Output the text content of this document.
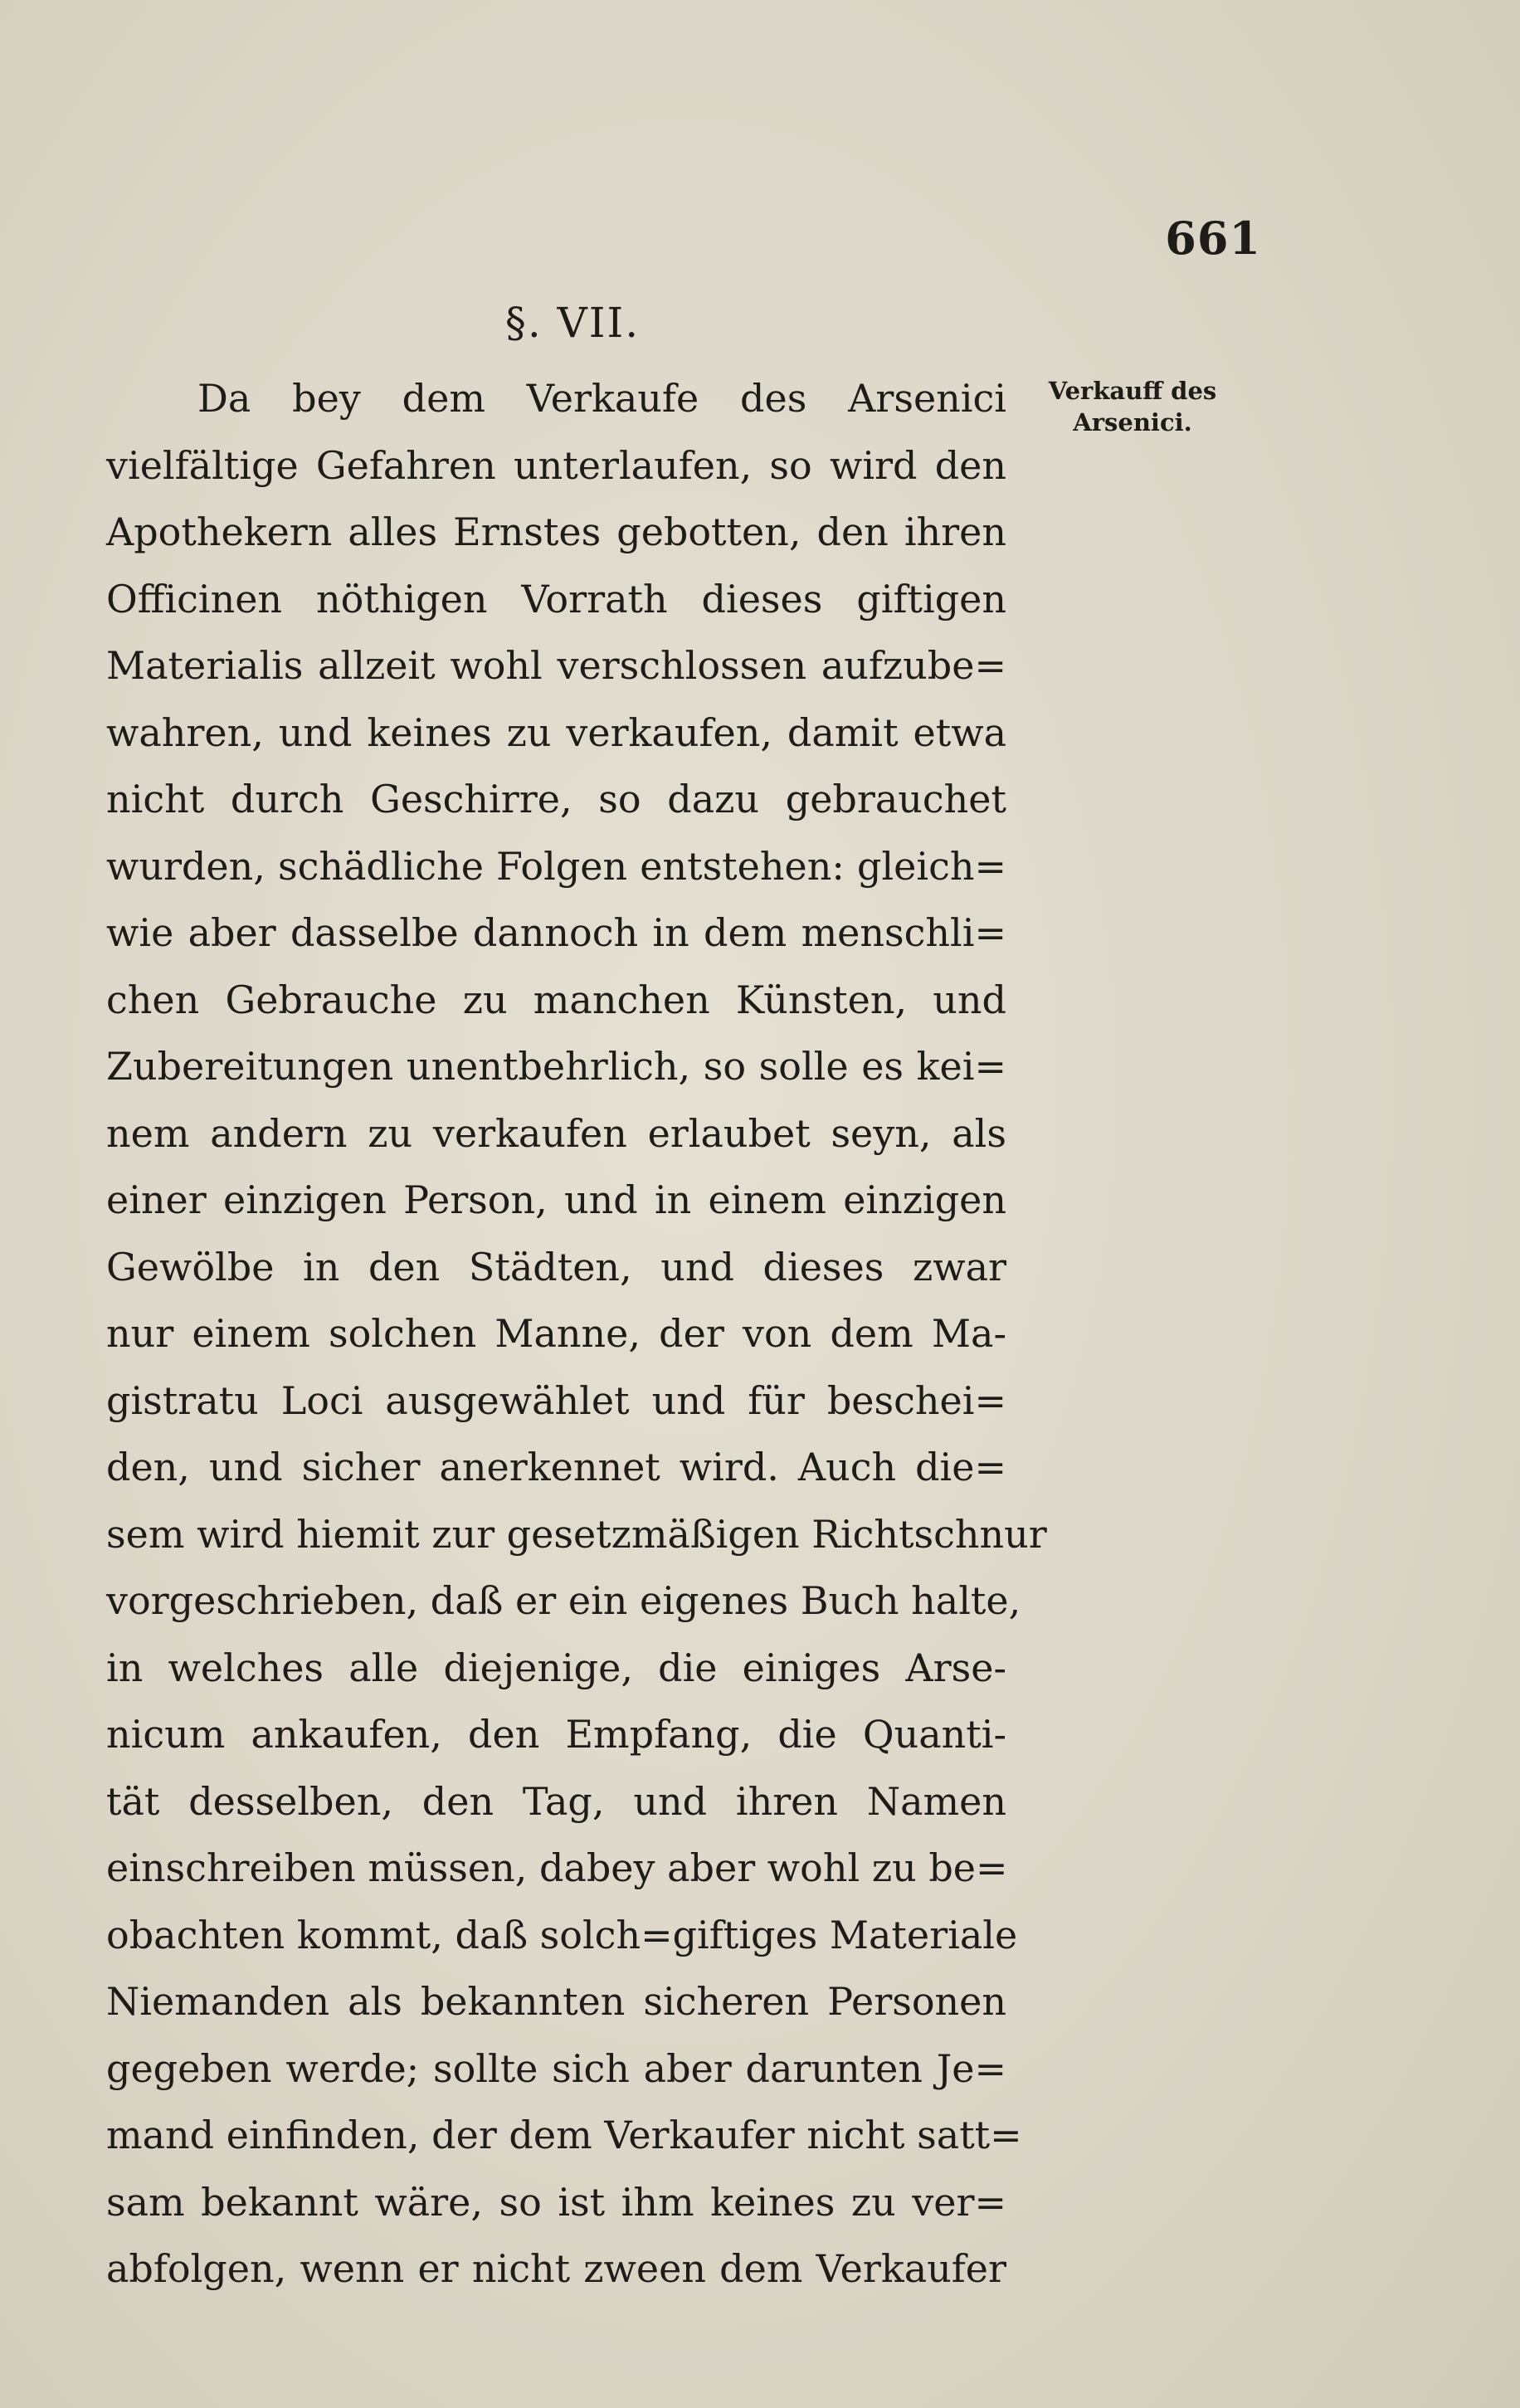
661
§. VII.
Verkauff des
Arsenici.
Da bey dem Verkaufe des Arsenici
vielfältige Gefahren unterlaufen, so wird den
Apothekern alles Ernstes gebotten, den ihren
Officinen nöthigen Vorrath dieses giftigen
Materialis allzeit wohl verschlossen aufzube=
wahren, und keines zu verkaufen, damit etwa
nicht durch Geschirre, so dazu gebrauchet
wurden, schädliche Folgen entstehen: gleich=
wie aber dasselbe dannoch in dem menschli=
chen Gebrauche zu manchen Künsten, und
Zubereitungen unentbehrlich, so solle es kei=
nem andern zu verkaufen erlaubet seyn, als
einer einzigen Person, und in einem einzigen
Gewölbe in den Städten, und dieses zwar
nur einem solchen Manne, der von dem Ma-
gistratu Loci ausgewählet und für beschei=
den, und sicher anerkennet wird. Auch die=
sem wird hiemit zur gesetzmäßigen Richtschnur
vorgeschrieben, daß er ein eigenes Buch halte,
in welches alle diejenige, die einiges Arse-
nicum ankaufen, den Empfang, die Quanti-
tät desselben, den Tag, und ihren Namen
einschreiben müssen, dabey aber wohl zu be=
obachten kommt, daß solch=giftiges Materiale
Niemanden als bekannten sicheren Personen
gegeben werde; sollte sich aber darunten Je=
mand einfinden, der dem Verkaufer nicht satt=
sam bekannt wäre, so ist ihm keines zu ver=
abfolgen, wenn er nicht zween dem Verkaufer
